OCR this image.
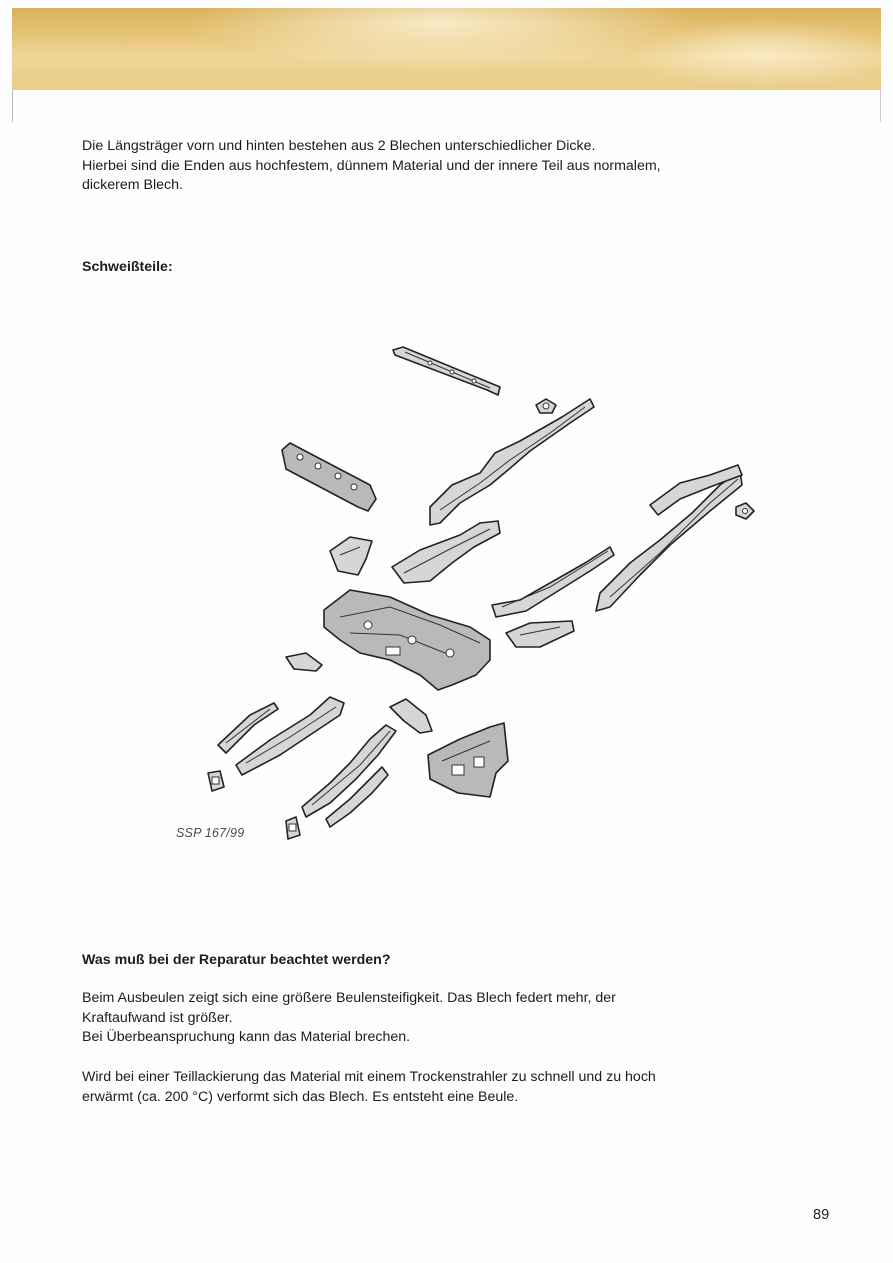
Die Längsträger vorn und hinten bestehen aus 2 Blechen unterschiedlicher Dicke.
Hierbei sind die Enden aus hochfestem, dünnem Material und der innere Teil aus normalem,
dickerem Blech.

Schweißteile:
SSP 167/99
Was muß bei der Reparatur beachtet werden?

Beim Ausbeulen zeigt sich eine größere Beulensteifigkeit. Das Blech federt mehr, der
Kraftaufwand ist größer.
Bei Überbeanspruchung kann das Material brechen.

Wird bei einer Teillackierung das Material mit einem Trockenstrahler zu schnell und zu hoch
erwärmt (ca. 200 °C) verformt sich das Blech. Es entsteht eine Beule.

89
